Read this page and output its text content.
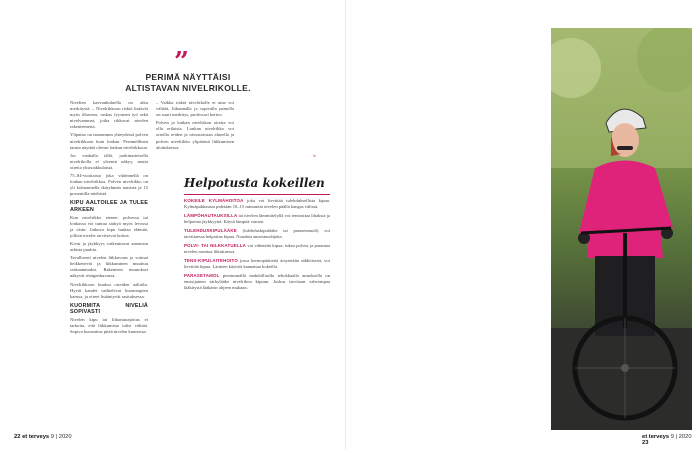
”
PERIMÄ NÄYTTÄISI ALTISTAVAN NIVELRIKOLLE.

Nivelten kasvunkuluella on aiku merkitystä. – Nivelrikkoon riskiä lisäävät myös ilhaveus, raskas fyysinen työ sekä nivelvammat, jotka rikkovat nivelen rakenteeneita.

Ylipaino on taraammin yhteydessä polven nivelrikkoon kuin lonkan. Perinnöllinen tausta näyttää olevan lonkan nivelrikkoon.

Jos vanhalla iällä, jonkinasteisella nivelrikolla ei yleensä näkyy, mutta oireita yksisiakkulaisia.

75–84-vuotiaista joka viidennellä on lonkan nivelrikkoa. Polven nivelrikko on yli kolmannella ikäryhmän naisista ja 15 prosentilla miehistä.

KIPU AALTOILEE JA TULEE ARKEEN

Kun nivelrikko etenee, polvessa tai lonkassa voi tuntua särkyä myös levossa ja öisin. Jatkuva kipu haittaa elämää, jolloin nivelet tarvitsevat hoitoa.

Kivut ja jäykkyys vaikeuttavat aamuisin arkista puuhia.

Tavallisesti nivelen liikkuvuus ja voimat heikkenevät ja liikkuminen muuttuu raskaammaksi. Rakenteen muutokset näkyvät röntgenkuvassa.

Nivelrikkoon kuuluu oireiden aaltoilu. Hyvät kaudet vaihtelevat huonompien kanssa, ja oireet lisääntyvät rasituksessa.

KUORMITA NIVELIÄ SOPIVASTI

Nivelen kipu tai liikuntarajoitus ei tarkoita, että liikkumista tulisi välttää. Sopiva kuormitus pitää nivelen kunnossa.

– Vaikka riskiä nivelrikolle ei aina voi välttää, liikunnalla ja sopivalla painolla on suuri merkitys, professori kertoo.

Polven ja lonkan nivelrikon oireita voi olla erilaisia. Lonkan nivelrikko voi oireilla reiden ja nivustaivaan alueella ja polven nivelrikko ylipäänsä liikkumisen aloituksessa.

»
Helpotusta kokeillen

KOKEILE KYLMÄHOITOA joka voi lievittää tulehduksellista kipua. Kylmäpakkausta pidetään 10–15 minuuttia nivelen päällä kangas välissä.

LÄMPÖHAUTAUKSILLA tai nivelen lämmittelyllä voi rentouttaa lihaksia ja helpottaa jäykkyyttä. Käytä lämpöä varoen.

TULEHDUSKIPULÄÄKE (tulehduskipulääke tai parasetamoli) voi tarvittaessa helpottaa kipua. Noudata annostusohjeita.

POLVI- TAI NILKKATUELLA voi vähentää kipua, tukea polvea ja parantaa nivelen asentoa liikuttaessa.

TENS-KIPULAITEHOITO jossa hermopäätteitä ärsytetään sähköisesti, voi lievittää kipua. Laitteen käyttöä kannattaa kokeilla.

PARASETAMOL pienimmällä mahdollisella tehokkaalla annoksella on ensisijainen särkylääke nivelrikon kipuun. Joskus tarvitaan vahvempaa lääkitystä lääkärin ohjeen mukaan.

22 et terveys 9 | 2020	et terveys 9 | 2020 23
